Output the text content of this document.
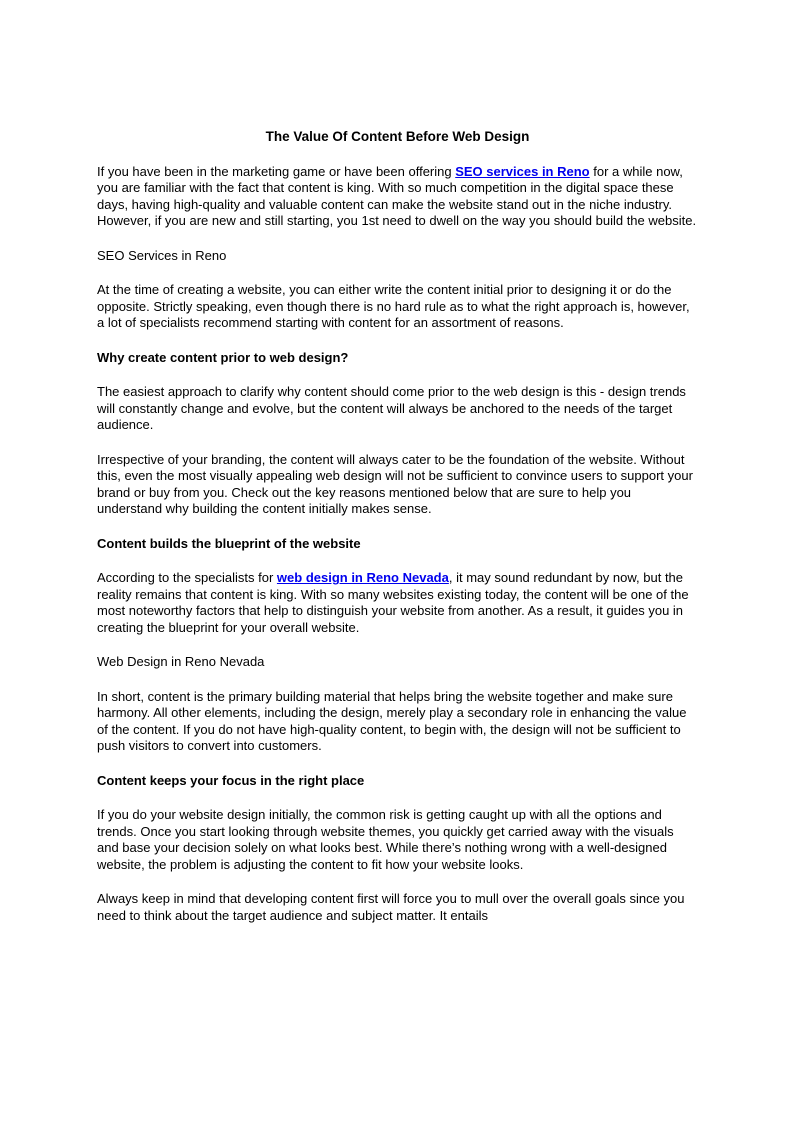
The Value Of Content Before Web Design

If you have been in the marketing game or have been offering SEO services in Reno for a while now, you are familiar with the fact that content is king. With so much competition in the digital space these days, having high-quality and valuable content can make the website stand out in the niche industry. However, if you are new and still starting, you 1st need to dwell on the way you should build the website.

SEO Services in Reno

At the time of creating a website, you can either write the content initial prior to designing it or do the opposite. Strictly speaking, even though there is no hard rule as to what the right approach is, however, a lot of specialists recommend starting with content for an assortment of reasons.

Why create content prior to web design?

The easiest approach to clarify why content should come prior to the web design is this - design trends will constantly change and evolve, but the content will always be anchored to the needs of the target audience.

Irrespective of your branding, the content will always cater to be the foundation of the website. Without this, even the most visually appealing web design will not be sufficient to convince users to support your brand or buy from you. Check out the key reasons mentioned below that are sure to help you understand why building the content initially makes sense.

Content builds the blueprint of the website

According to the specialists for web design in Reno Nevada, it may sound redundant by now, but the reality remains that content is king. With so many websites existing today, the content will be one of the most noteworthy factors that help to distinguish your website from another. As a result, it guides you in creating the blueprint for your overall website.

Web Design in Reno Nevada

In short, content is the primary building material that helps bring the website together and make sure harmony. All other elements, including the design, merely play a secondary role in enhancing the value of the content. If you do not have high-quality content, to begin with, the design will not be sufficient to push visitors to convert into customers.

Content keeps your focus in the right place

If you do your website design initially, the common risk is getting caught up with all the options and trends. Once you start looking through website themes, you quickly get carried away with the visuals and base your decision solely on what looks best. While there’s nothing wrong with a well-designed website, the problem is adjusting the content to fit how your website looks.

Always keep in mind that developing content first will force you to mull over the overall goals since you need to think about the target audience and subject matter. It entails
